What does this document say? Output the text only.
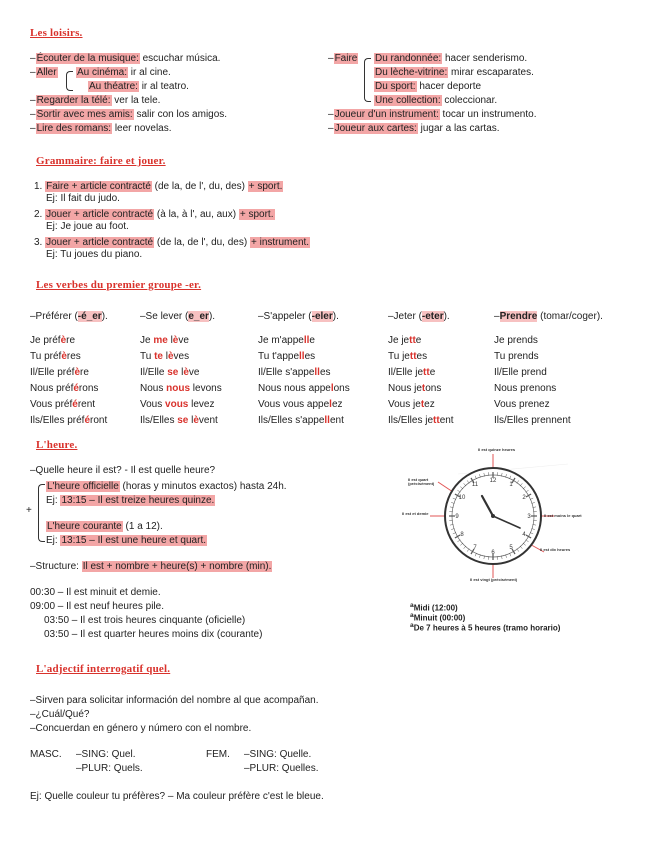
Les loisirs.
–Écouter de la musique: escuchar música.
–Aller Au cinéma: ir al cine.
Au théatre: ir al teatro.
–Regarder la télé: ver la tele.
–Sortir avec mes amis: salir con los amigos.
–Lire des romans: leer novelas.
–Faire Du randonnée: hacer senderismo.
Du lèche-vitrine: mirar escaparates.
Du sport: hacer deporte
Une collection: coleccionar.
–Joueur d'un instrument: tocar un instrumento.
–Joueur aux cartes: jugar a las cartas.
Grammaire: faire et jouer.
1. Faire + article contracté (de la, de l', du, des) + sport.
Ej: Il fait du judo.
2. Jouer + article contracté (à la, à l', au, aux) + sport.
Ej: Je joue au foot.
3. Jouer + article contracté (de la, de l', du, des) + instrument.
Ej: Tu joues du piano.
Les verbes du premier groupe -er.
–Préférer (-é_er).
Je préfère
Tu préfères
Il/Elle préfère
Nous préférons
Vous préférent
Ils/Elles préféront
–Se lever (e_er).
Je me lève
Tu te lèves
Il/Elle se lève
Nous nous levons
Vous vous levez
Ils/Elles se lèvent
–S'appeler (-eler).
Je m'appelle
Tu t'appelles
Il/Elle s'appelles
Nous nous appelons
Vous vous appelez
Ils/Elles s'appellent
–Jeter (-eter).
Je jette
Tu jettes
Il/Elle jette
Nous jetons
Vous jetez
Ils/Elles jettent
–Prendre (tomar/coger).
Je prends
Tu prends
Il/Elle prend
Nous prenons
Vous prenez
Ils/Elles prennent
L'heure.
–Quelle heure il est? - Il est quelle heure?
+
L'heure officielle (horas y minutos exactos) hasta 24h.
Ej: 13:15 – Il est treize heures quinze.
L'heure courante (1 a 12).
Ej: 13:15 – Il est une heure et quart.
–Structure: Il est + nombre + heure(s) + nombre (min).
00:30 – Il est minuit et demie.
09:00 – Il est neuf heures pile.
03:50 – Il est trois heures cinquante (oficielle)
03:50 – Il est quarter heures moins dix (courante)
12
1
2
3
4
5
6
7
8
9
10
11
Il est quinze heures
Il est quart (précisément)
Il est et demie	Il est moins le quart
Il est dix heures
Il est vingt (précisément)
$^a$Midi (12:00)
$^a$Minuit (00:00)
$^a$De 7 heures à 5 heures (tramo horario)
L'adjectif interrogatif quel.
–Sirven para solicitar información del nombre al que acompañan.
–¿Cuál/Qué?
–Concuerdan en género y número con el nombre.
MASC. –SING: Quel.
–PLUR: Quels.
FEM. –SING: Quelle.
–PLUR: Quelles.
Ej: Quelle couleur tu préfères? – Ma couleur préfère c'est le bleue.
